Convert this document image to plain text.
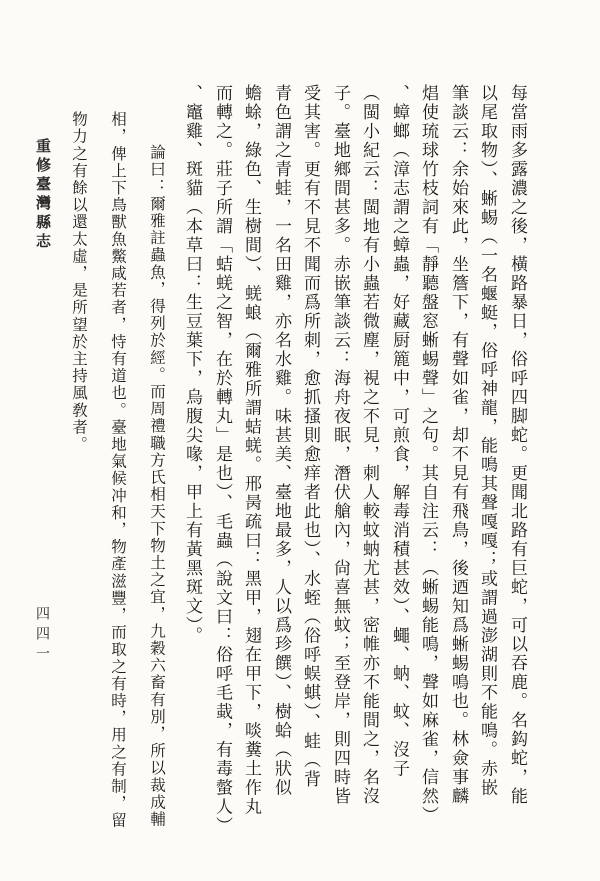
重修臺灣縣志
四四一	每當雨多露濃之後，橫路暴日，俗呼四脚蛇。更聞北路有巨蛇，可以吞鹿。名鈎蛇，能
以尾取物）、蜥蜴（一名蝘蜓，俗呼神龍，能鳴其聲嘎嘎；或謂過澎湖則不能鳴。赤嵌
筆談云：余始來此，坐簷下，有聲如雀，却不見有飛鳥，後迺知爲蜥蜴鳴也。林僉事麟
焻使琉球竹枝詞有「靜聽盤窓蜥蜴聲」之句。其自注云：（蜥蜴能鳴，聲如麻雀，信然）
、蟑螂（漳志謂之蟑蟲，好藏厨簏中，可煎食，解毒消積甚效）、蠅、蚋、蚊、沒子
（閩小紀云：閩地有小蟲若微塵，視之不見，刺人較蚊蚋尤甚，密帷亦不能間之，名沒
子。臺地鄉間甚多。赤嵌筆談云：海舟夜眠，潛伏艙內，尙喜無蚊；至登岸，則四時皆
受其害。更有不見不聞而爲所刺，愈抓搔則愈痒者此也）、水蛭（俗呼蜈蜞）、蛙（背
青色謂之青蛙，一名田雞，亦名水雞。味甚美、臺地最多，人以爲珍饌）、樹蛤（狀似
蟾蜍，綠色、生樹間）、蜣蜋（爾雅所謂蛣蜣。邢昺疏曰：黑甲，翅在甲下，啖糞土作丸
而轉之。莊子所謂「蛣蜣之智，在於轉丸」是也）、毛蟲（說文曰：俗呼毛蛓，有毒螫人）
、竈雞、斑貓（本草曰：生豆葉下，烏腹尖喙，甲上有黃黑斑文）。
論曰：爾雅註蟲魚，得列於經。而周禮職方氏相天下物土之宜，九穀六畜有別，所以裁成輔
相，俾上下鳥獸魚鱉咸若者，恃有道也。臺地氣候冲和，物產滋豐，而取之有時，用之有制，留
物力之有餘以還太虛，是所望於主持風敎者。
